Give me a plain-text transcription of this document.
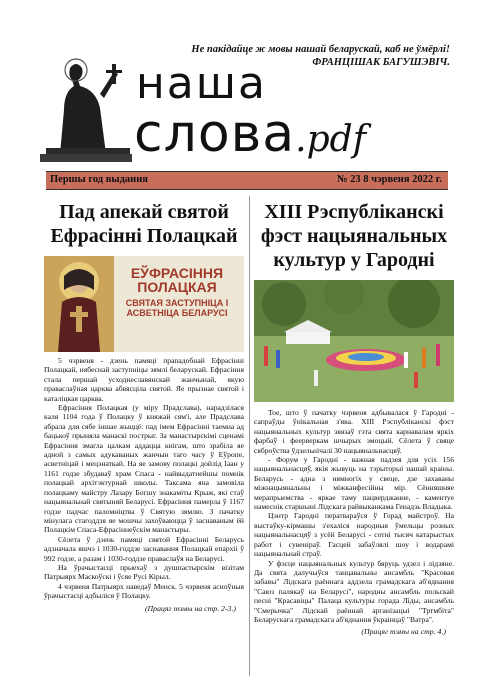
Не пакідайце ж мовы нашай беларускай, каб не ўмёрлі!
ФРАНЦІШАК БАГУШЭВІЧ.
наша
слова.pdf
Першы год выдання	№ 23 8 чэрвеня 2022 г.
Пад апекай святой Ефрасінні Полацкай
ЕЎФРАСІННЯ ПОЛАЦКАЯ
СВЯТАЯ ЗАСТУПНІЦА І АСВЕТНІЦА БЕЛАРУСІ

5 чэрвеня - дзень памяці прападобнай Ефрасінні Полацкай, нябеснай заступніцы зямлі беларускай. Ефрасіння стала першай усходнеславянскай жанчынай, якую праваслаўная царква абвясціла святой. Яе прызнае святой і каталіцкая царква.

Ефрасіння Полацкая (у міру Прадслава), нарадзілася каля 1104 года ў Полацку ў княжай сям'і, але Прадслава абрала для сябе іншае жыццё: пад імем Ефрасінні таемна ад бацькоў прыняла манаскі пострыг. За манастырскімі сценамі Ефрасіння змагла цалкам аддацца кнігам, што зрабіла яе адной з самых адукаваных жанчын таго часу ў Еўропе, асветніцай і мецэнаткай. На яе замову полацкі дойлід Іаан у 1161 годзе збудаваў храм Спаса - найвыдатнейшы помнік полацкай архітэктурнай школы. Таксама яна замовіла полацкаму майстру Лазару Богшу знакаміты Крыж, які стаў нацыянальнай святыняй Беларусі. Ефрасіння памерла ў 1167 годзе падчас паломніцтва ў Святую зямлю. З пачатку мінулага стагоддзя яе мошчы захоўваюцца ў заснаваным ёй Полацкім Спаса-Ефрасіннеўскім манастыры.

Сёлета ў дзень памяці святой Ефрасінні Беларусь адзначала яшчэ і 1030-годдзе заснавання Полацкай епархіі ў 992 годзе, а разам і 1030-годдзе праваслаўя на Беларусі.

На ўрачыстасці прыехаў з душпастырскім візітам Патрыярх Маскоўскі і ўсяе Русі Кірыл.

4 чэрвеня Патрыярх наведаў Менск. 5 чэрвеня асноўныя ўрачыстасці адбыліся ў Полацку.

(Працяг тэмы на стр. 2-3.)
XIII Рэспубліканскі фэст нацыянальных культур у Гародні

Тое, што ў пачатку чэрвеня адбывалася ў Гародні - сапраўды ўнікальная з'ява. XIII Рэспубліканскі фэст нацыянальных культур звязаў гэта свята карнавалам яркіх фарбаў і феерверкам шчырых эмоцый. Сёлета ў свяце сяброўства ўдзельнічалі 30 нацыянальнасцяў.

- Форум у Гародні - важная падзея для усіх 156 нацыянальнасцяў, якія жывуць на тэрыторыі нашай краіны. Беларусь - адна з нямногіх у свеце, дзе захаваны міжнацыянальны і міжканфесійны мір. Сённяшняе мерапрыемства - яркае таму пацверджанне, - каментуе намеснік старшыні Лідскага райвыканкама Генадзь Владыка.

Цэнтр Гародні ператвараўся ў Горад майстроў. На выстаўку-кірмашы з'ехаліся народныя ўмельцы розных нацыянальнасцяў з усёй Беларусі - сотні тысяч катарыстых работ і сувеніраў. Гасцей забаўлялі шоу і водарамі нацыянальнай страў.

У фэсце нацыянальных культур бяруць удзел і лідзяне. Да свята далучыўся танцавальны ансамбль "Красовая забавы" Лідскага раённага аддзела грамадскага аб'яднання "Саюз палякаў на Беларусі", народны ансамбль польскай песні "Красавіцы" Палаца культуры горада Ліды, ансамбль "Смерычка" Лідскай раённай арганізацыі "Тртмбіта" Беларускага грамадскага аб'яднання ўкраінцаў "Ватра".

(Працяг тэмы на стр. 4.)
